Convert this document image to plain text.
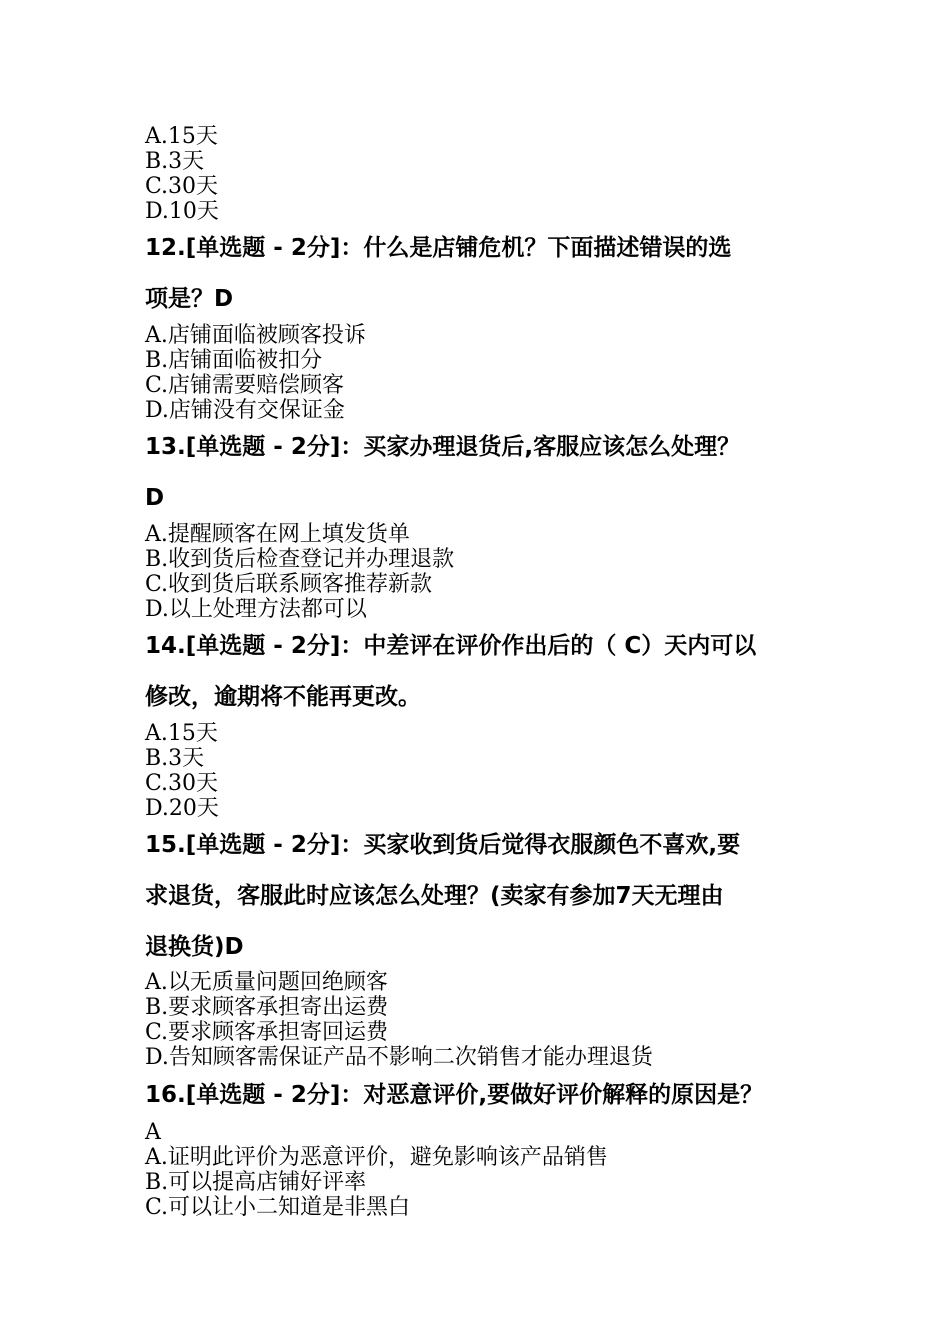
A.15天

B.3天

C.30天

D.10天

12.[单选题 - 2分]：什么是店铺危机？下面描述错误的选

项是？D

A.店铺面临被顾客投诉

B.店铺面临被扣分

C.店铺需要赔偿顾客

D.店铺没有交保证金

13.[单选题 - 2分]：买家办理退货后,客服应该怎么处理？

D

A.提醒顾客在网上填发货单

B.收到货后检查登记并办理退款

C.收到货后联系顾客推荐新款

D.以上处理方法都可以

14.[单选题 - 2分]：中差评在评价作出后的（ C）天内可以

修改，逾期将不能再更改。

A.15天

B.3天

C.30天

D.20天

15.[单选题 - 2分]：买家收到货后觉得衣服颜色不喜欢,要

求退货，客服此时应该怎么处理？(卖家有参加7天无理由

退换货)D

A.以无质量问题回绝顾客

B.要求顾客承担寄出运费

C.要求顾客承担寄回运费

D.告知顾客需保证产品不影响二次销售才能办理退货

16.[单选题 - 2分]：对恶意评价,要做好评价解释的原因是？

A

A.证明此评价为恶意评价，避免影响该产品销售

B.可以提高店铺好评率

C.可以让小二知道是非黑白
